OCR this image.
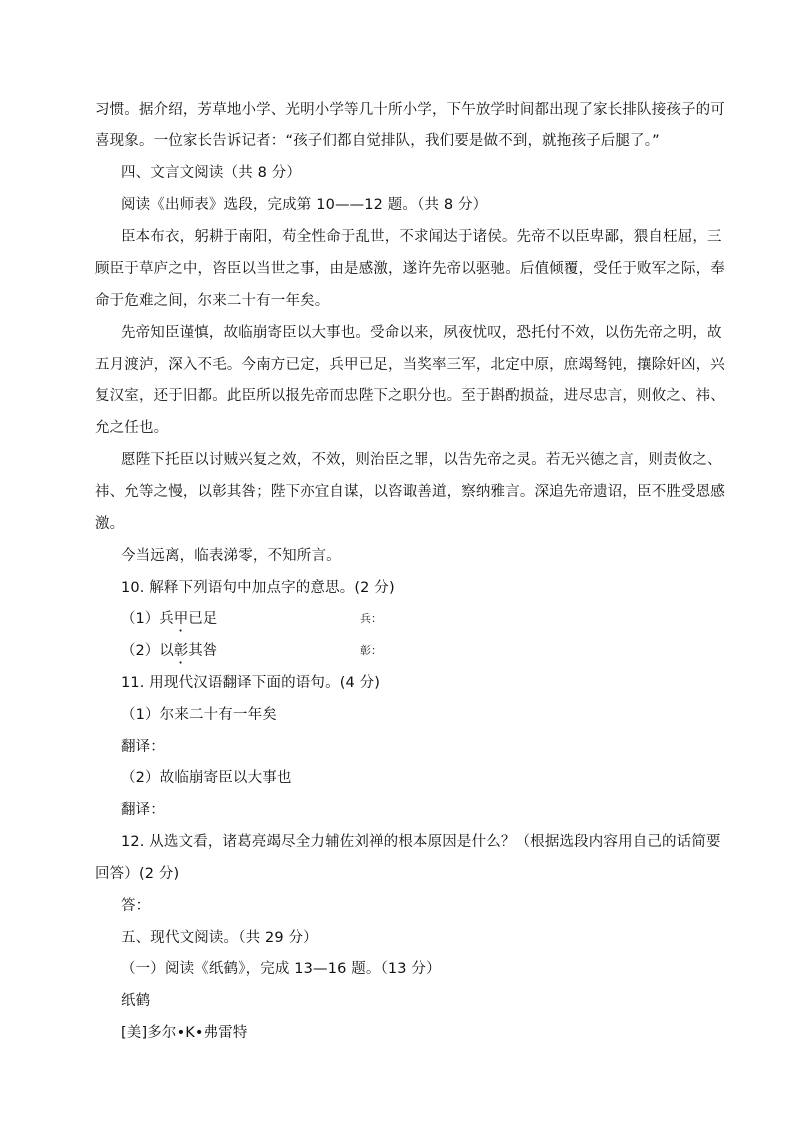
习惯。据介绍，芳草地小学、光明小学等几十所小学，下午放学时间都出现了家长排队接孩子的可
喜现象。一位家长告诉记者：“孩子们都自觉排队，我们要是做不到，就拖孩子后腿了。”
四、文言文阅读（共 8 分）
阅读《出师表》选段，完成第 10——12 题。（共 8 分）
臣本布衣，躬耕于南阳，苟全性命于乱世，不求闻达于诸侯。先帝不以臣卑鄙，猥自枉屈，三
顾臣于草庐之中，咨臣以当世之事，由是感激，遂许先帝以驱驰。后值倾覆，受任于败军之际，奉
命于危难之间，尔来二十有一年矣。
先帝知臣谨慎，故临崩寄臣以大事也。受命以来，夙夜忧叹，恐托付不效，以伤先帝之明，故
五月渡泸，深入不毛。今南方已定，兵甲已足，当奖率三军，北定中原，庶竭驽钝，攘除奸凶，兴
复汉室，还于旧都。此臣所以报先帝而忠陛下之职分也。至于斟酌损益，进尽忠言，则攸之、祎、
允之任也。
愿陛下托臣以讨贼兴复之效，不效，则治臣之罪，以告先帝之灵。若无兴德之言，则责攸之、
祎、允等之慢，以彰其咎；陛下亦宜自谋，以咨诹善道，察纳雅言。深追先帝遗诏，臣不胜受恩感
激。
今当远离，临表涕零，不知所言。
10. 解释下列语句中加点字的意思。(2 分)
（1）兵甲已足	兵：
（2）以彰其咎	彰：
11. 用现代汉语翻译下面的语句。(4 分)
（1）尔来二十有一年矣
翻译：
（2）故临崩寄臣以大事也
翻译：
12. 从选文看，诸葛亮竭尽全力辅佐刘禅的根本原因是什么？（根据选段内容用自己的话简要
回答）(2 分)
答：
五、现代文阅读。（共 29 分）
（一）阅读《纸鹤》，完成 13—16 题。（13 分）
纸鹤
[美]多尔•K•弗雷特
